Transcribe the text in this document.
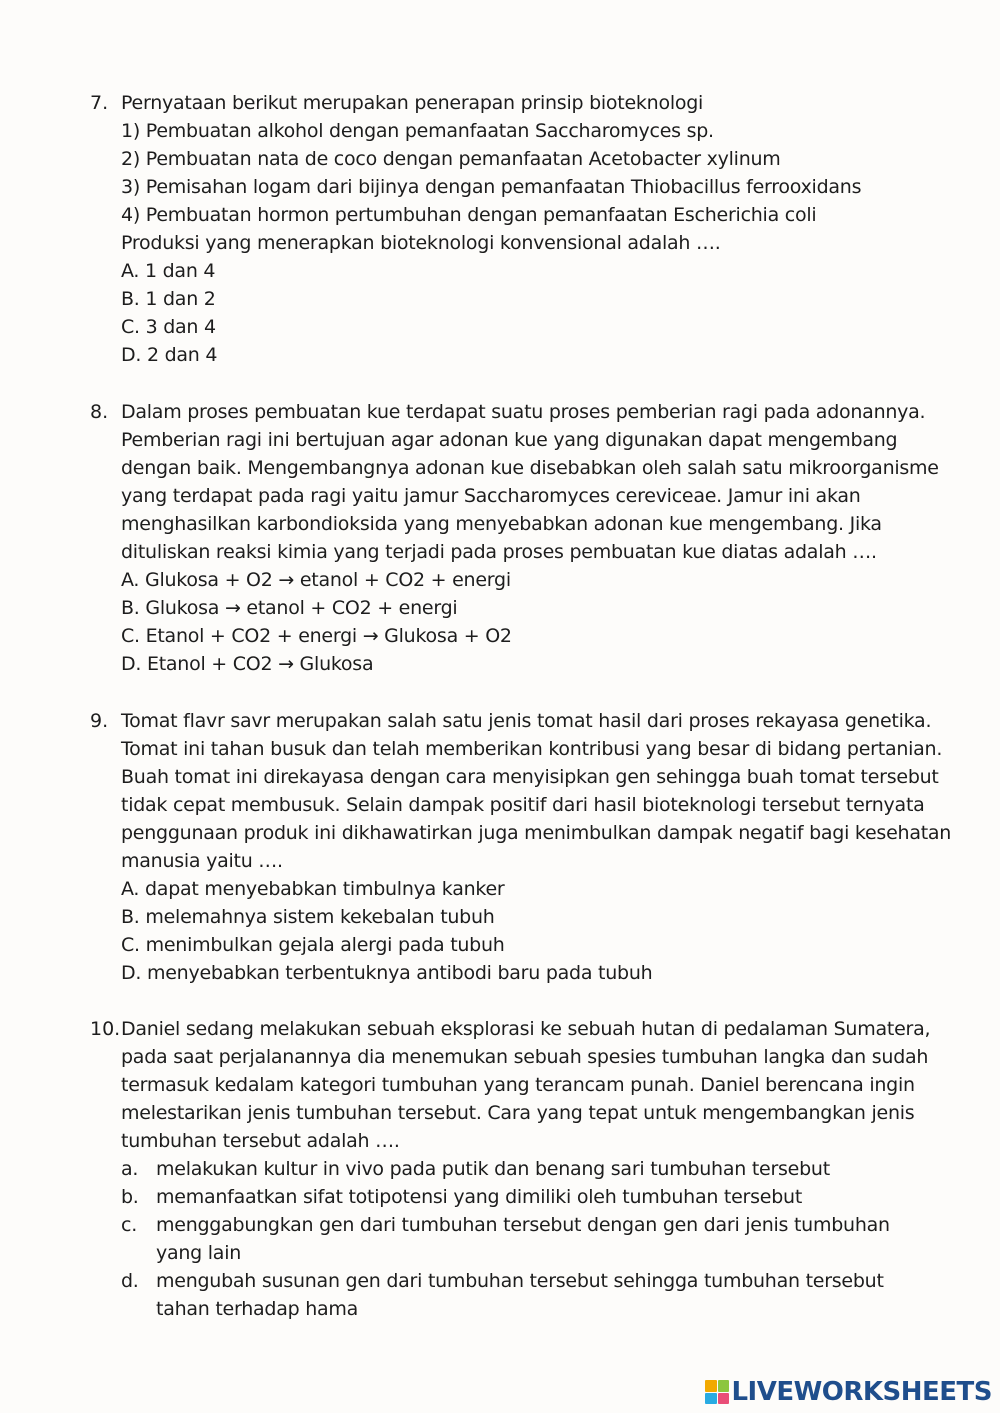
7. Pernyataan berikut merupakan penerapan prinsip bioteknologi
1) Pembuatan alkohol dengan pemanfaatan Saccharomyces sp.
2) Pembuatan nata de coco dengan pemanfaatan Acetobacter xylinum
3) Pemisahan logam dari bijinya dengan pemanfaatan Thiobacillus ferrooxidans
4) Pembuatan hormon pertumbuhan dengan pemanfaatan Escherichia coli
Produksi yang menerapkan bioteknologi konvensional adalah ….
A. 1 dan 4
B. 1 dan 2
C. 3 dan 4
D. 2 dan 4
8. Dalam proses pembuatan kue terdapat suatu proses pemberian ragi pada adonannya.
Pemberian ragi ini bertujuan agar adonan kue yang digunakan dapat mengembang
dengan baik. Mengembangnya adonan kue disebabkan oleh salah satu mikroorganisme
yang terdapat pada ragi yaitu jamur Saccharomyces cereviceae. Jamur ini akan
menghasilkan karbondioksida yang menyebabkan adonan kue mengembang. Jika
dituliskan reaksi kimia yang terjadi pada proses pembuatan kue diatas adalah ….
A. Glukosa + O2 → etanol + CO2 + energi
B. Glukosa → etanol + CO2 + energi
C. Etanol + CO2 + energi → Glukosa + O2
D. Etanol + CO2 → Glukosa
9. Tomat flavr savr merupakan salah satu jenis tomat hasil dari proses rekayasa genetika.
Tomat ini tahan busuk dan telah memberikan kontribusi yang besar di bidang pertanian.
Buah tomat ini direkayasa dengan cara menyisipkan gen sehingga buah tomat tersebut
tidak cepat membusuk. Selain dampak positif dari hasil bioteknologi tersebut ternyata
penggunaan produk ini dikhawatirkan juga menimbulkan dampak negatif bagi kesehatan
manusia yaitu ….
A. dapat menyebabkan timbulnya kanker
B. melemahnya sistem kekebalan tubuh
C. menimbulkan gejala alergi pada tubuh
D. menyebabkan terbentuknya antibodi baru pada tubuh
10. Daniel sedang melakukan sebuah eksplorasi ke sebuah hutan di pedalaman Sumatera,
pada saat perjalanannya dia menemukan sebuah spesies tumbuhan langka dan sudah
termasuk kedalam kategori tumbuhan yang terancam punah. Daniel berencana ingin
melestarikan jenis tumbuhan tersebut. Cara yang tepat untuk mengembangkan jenis
tumbuhan tersebut adalah ….
a. melakukan kultur in vivo pada putik dan benang sari tumbuhan tersebut
b. memanfaatkan sifat totipotensi yang dimiliki oleh tumbuhan tersebut
c.	menggabungkan gen dari tumbuhan tersebut dengan gen dari jenis tumbuhan yang lain
d. mengubah susunan gen dari tumbuhan tersebut sehingga tumbuhan tersebut tahan terhadap hama
LIVEWORKSHEETS
